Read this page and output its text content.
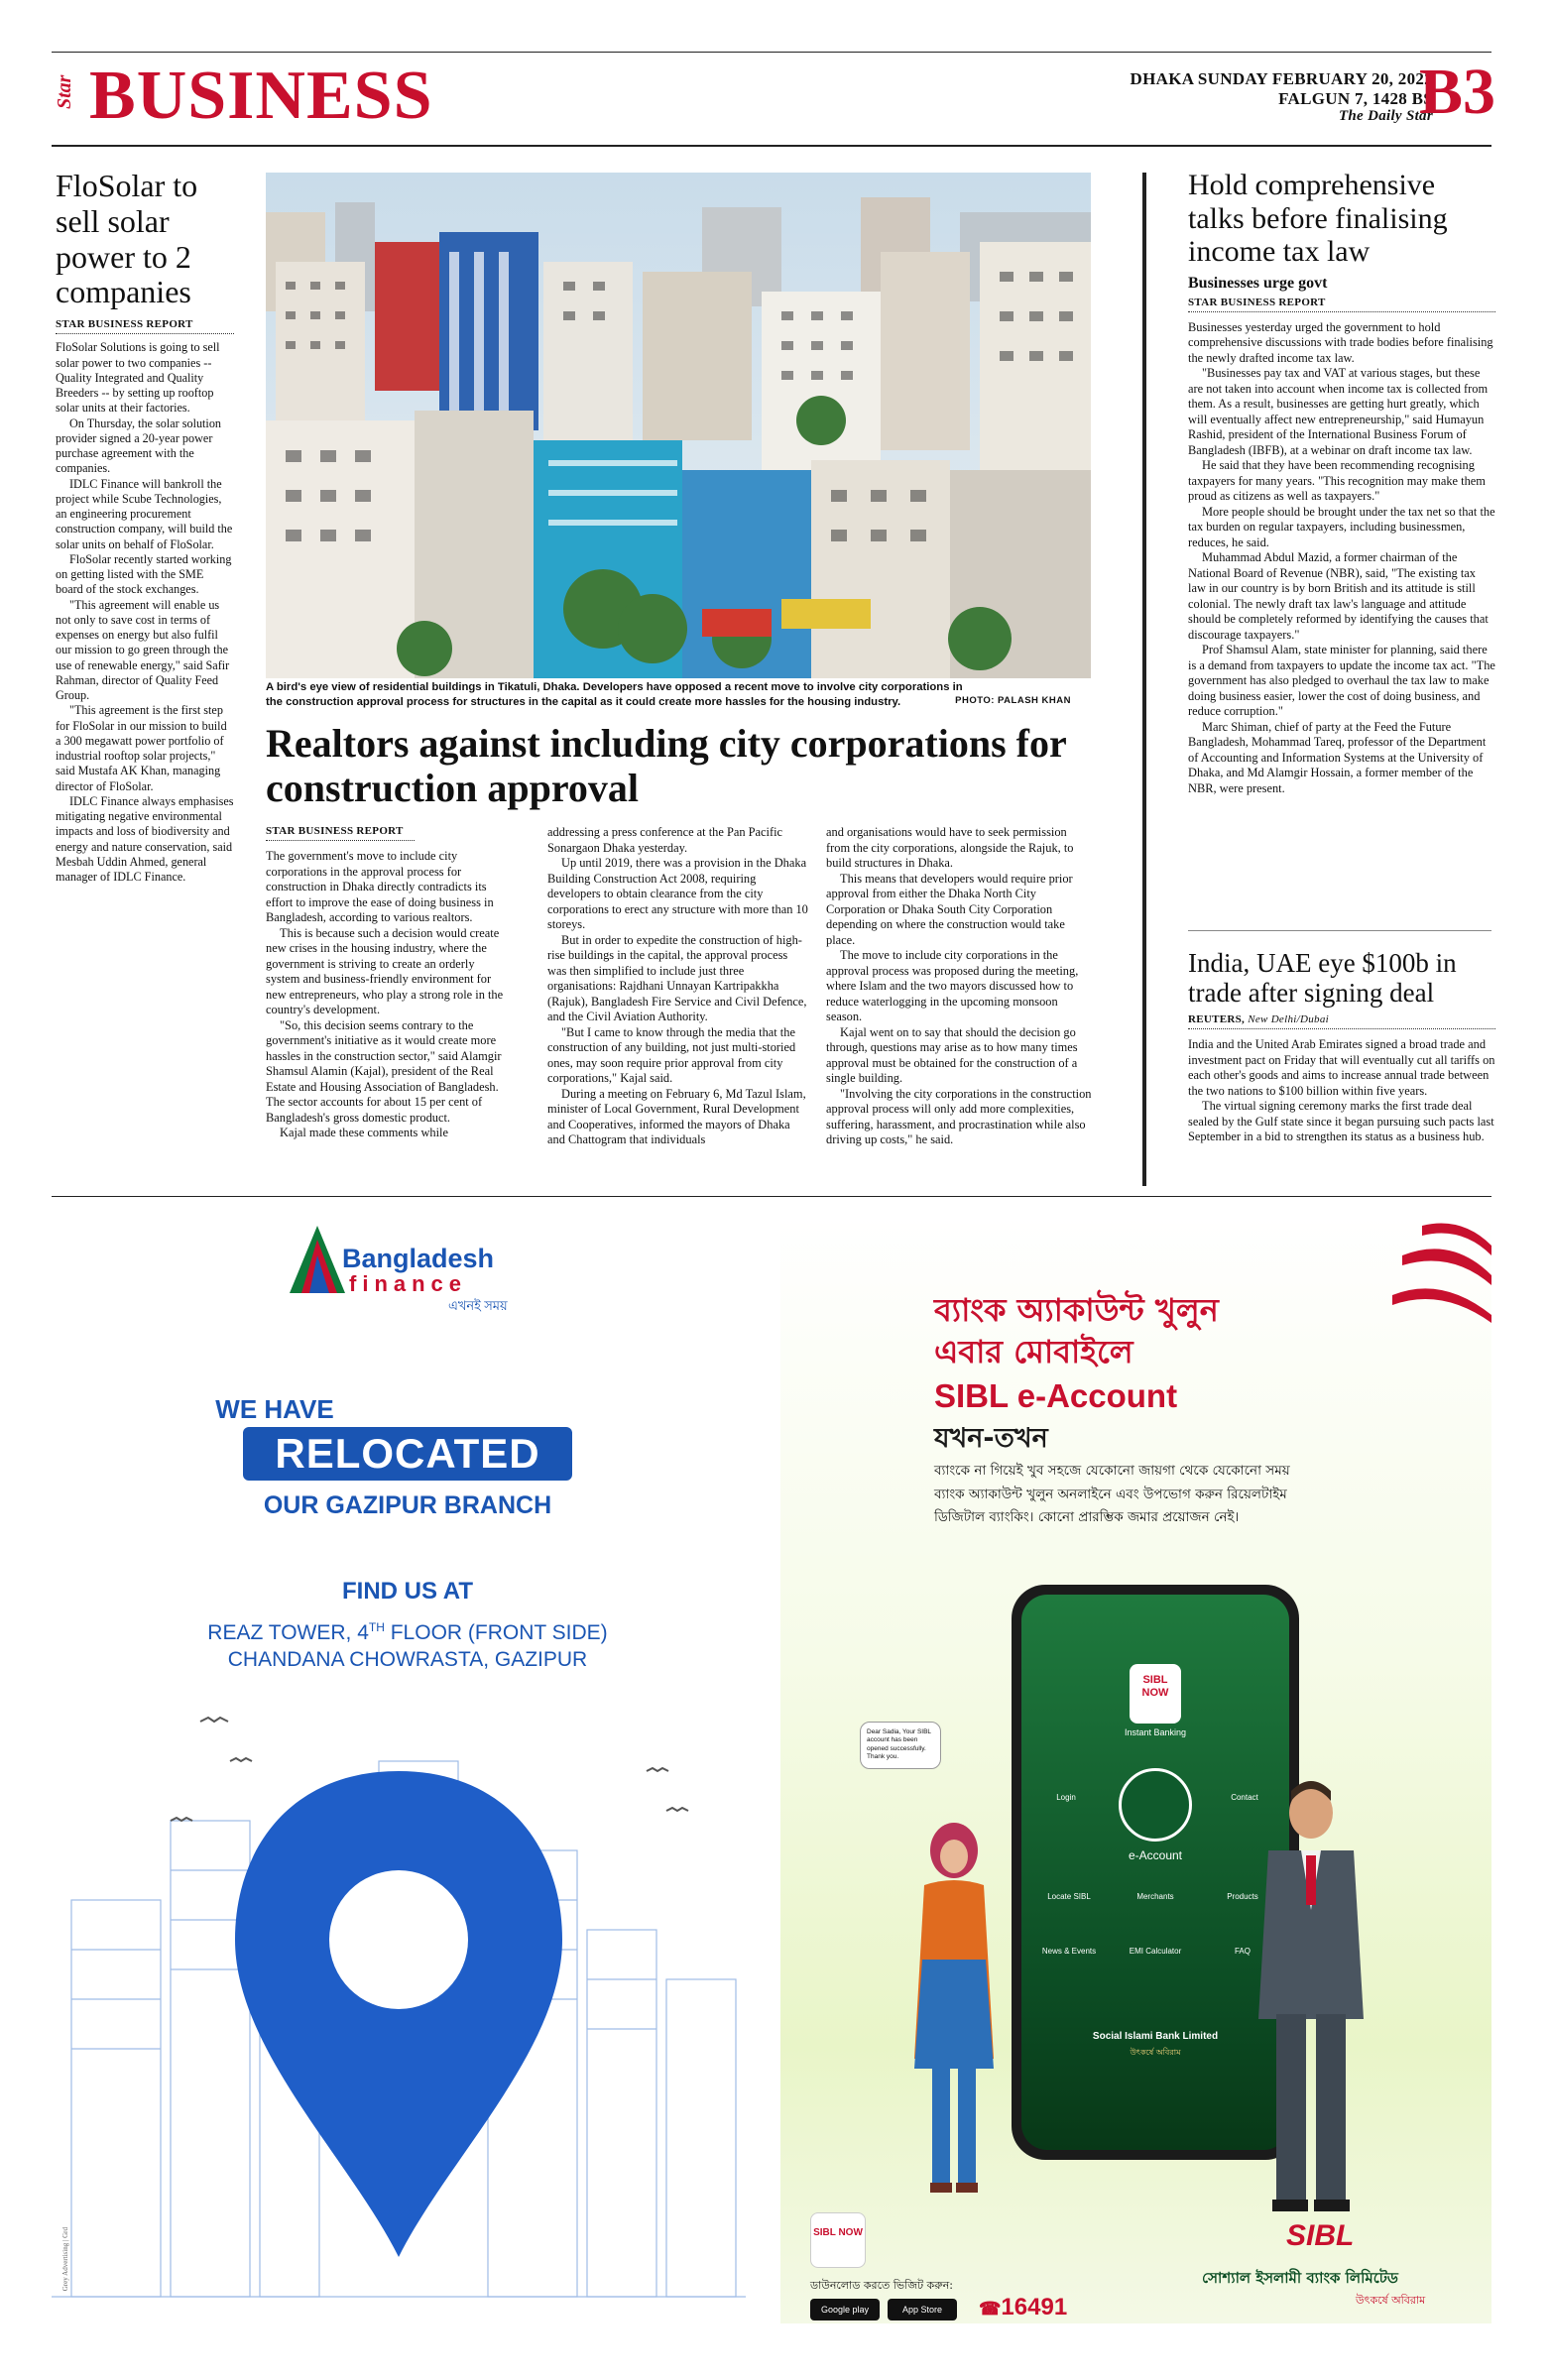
Star BUSINESS	DHAKA SUNDAY FEBRUARY 20, 2022
FALGUN 7, 1428 BS
The Daily Star
B3
FloSolar to sell solar power to 2 companies
STAR BUSINESS REPORT

FloSolar Solutions is going to sell solar power to two companies -- Quality Integrated and Quality Breeders -- by setting up rooftop solar units at their factories.

On Thursday, the solar solution provider signed a 20-year power purchase agreement with the companies.

IDLC Finance will bankroll the project while Scube Technologies, an engineering procurement construction company, will build the solar units on behalf of FloSolar.

FloSolar recently started working on getting listed with the SME board of the stock exchanges.

"This agreement will enable us not only to save cost in terms of expenses on energy but also fulfil our mission to go green through the use of renewable energy," said Safir Rahman, director of Quality Feed Group.

"This agreement is the first step for FloSolar in our mission to build a 300 megawatt power portfolio of industrial rooftop solar projects," said Mustafa AK Khan, managing director of FloSolar.

IDLC Finance always emphasises mitigating negative environmental impacts and loss of biodiversity and energy and nature conservation, said Mesbah Uddin Ahmed, general manager of IDLC Finance.

A bird's eye view of residential buildings in Tikatuli, Dhaka. Developers have opposed a recent move to involve city corporations in the construction approval process for structures in the capital as it could create more hassles for the housing industry.	PHOTO: PALASH KHAN
Realtors against including city corporations for construction approval
STAR BUSINESS REPORT

The government's move to include city corporations in the approval process for construction in Dhaka directly contradicts its effort to improve the ease of doing business in Bangladesh, according to various realtors.

This is because such a decision would create new crises in the housing industry, where the government is striving to create an orderly system and business-friendly environment for new entrepreneurs, who play a strong role in the country's development.

"So, this decision seems contrary to the government's initiative as it would create more hassles in the construction sector," said Alamgir Shamsul Alamin (Kajal), president of the Real Estate and Housing Association of Bangladesh. The sector accounts for about 15 per cent of Bangladesh's gross domestic product.

Kajal made these comments while

addressing a press conference at the Pan Pacific Sonargaon Dhaka yesterday.

Up until 2019, there was a provision in the Dhaka Building Construction Act 2008, requiring developers to obtain clearance from the city corporations to erect any structure with more than 10 storeys.

But in order to expedite the construction of high-rise buildings in the capital, the approval process was then simplified to include just three organisations: Rajdhani Unnayan Kartripakkha (Rajuk), Bangladesh Fire Service and Civil Defence, and the Civil Aviation Authority.

"But I came to know through the media that the construction of any building, not just multi-storied ones, may soon require prior approval from city corporations," Kajal said.

During a meeting on February 6, Md Tazul Islam, minister of Local Government, Rural Development and Cooperatives, informed the mayors of Dhaka and Chattogram that individuals

and organisations would have to seek permission from the city corporations, alongside the Rajuk, to build structures in Dhaka.

This means that developers would require prior approval from either the Dhaka North City Corporation or Dhaka South City Corporation depending on where the construction would take place.

The move to include city corporations in the approval process was proposed during the meeting, where Islam and the two mayors discussed how to reduce waterlogging in the upcoming monsoon season.

Kajal went on to say that should the decision go through, questions may arise as to how many times approval must be obtained for the construction of a single building.

"Involving the city corporations in the construction approval process will only add more complexities, suffering, harassment, and procrastination while also driving up costs," he said.

Hold comprehensive talks before finalising income tax law
Businesses urge govt
STAR BUSINESS REPORT

Businesses yesterday urged the government to hold comprehensive discussions with trade bodies before finalising the newly drafted income tax law.

"Businesses pay tax and VAT at various stages, but these are not taken into account when income tax is collected from them. As a result, businesses are getting hurt greatly, which will eventually affect new entrepreneurship," said Humayun Rashid, president of the International Business Forum of Bangladesh (IBFB), at a webinar on draft income tax law.

He said that they have been recommending recognising taxpayers for many years. "This recognition may make them proud as citizens as well as taxpayers."

More people should be brought under the tax net so that the tax burden on regular taxpayers, including businessmen, reduces, he said.

Muhammad Abdul Mazid, a former chairman of the National Board of Revenue (NBR), said, "The existing tax law in our country is by born British and its attitude is still colonial. The newly draft tax law's language and attitude should be completely reformed by identifying the causes that discourage taxpayers."

Prof Shamsul Alam, state minister for planning, said there is a demand from taxpayers to update the income tax act. "The government has also pledged to overhaul the tax law to make doing business easier, lower the cost of doing business, and reduce corruption."

Marc Shiman, chief of party at the Feed the Future Bangladesh, Mohammad Tareq, professor of the Department of Accounting and Information Systems at the University of Dhaka, and Md Alamgir Hossain, a former member of the NBR, were present.

India, UAE eye $100b in trade after signing deal
REUTERS, New Delhi/Dubai

India and the United Arab Emirates signed a broad trade and investment pact on Friday that will eventually cut all tariffs on each other's goods and aims to increase annual trade between the two nations to $100 billion within five years.

The virtual signing ceremony marks the first trade deal sealed by the Gulf state since it began pursuing such pacts last September in a bid to strengthen its status as a business hub.

Bangladesh
finance
এখনই সময়
WE HAVE
RELOCATED
OUR GAZIPUR BRANCH
FIND US AT
REAZ TOWER, 4TH FLOOR (FRONT SIDE)
CHANDANA CHOWRASTA, GAZIPUR
Grey Advertising | Grd
ব্যাংক অ্যাকাউন্ট খুলুন
এবার মোবাইলে
SIBL e-Account
যখন-তখন
ব্যাংকে না গিয়েই খুব সহজে যেকোনো জায়গা থেকে যেকোনো সময়
ব্যাংক অ্যাকাউন্ট খুলুন অনলাইনে এবং উপভোগ করুন রিয়েলটাইম
ডিজিটাল ব্যাংকিং। কোনো প্রারম্ভিক জমার প্রয়োজন নেই।
SIBL NOW
Instant Banking
Login
e-Account
Contact
Locate SIBL	Merchants	Products
News & Events	EMI Calculator	FAQ
Social Islami Bank Limited
উৎকর্ষে অবিরাম
Dear Sadia, Your SIBL account has been opened successfully. Thank you.
SIBL NOW
ডাউনলোড করতে ভিজিট করুন:
Google play	App Store	☎16491
SIBL
সোশ্যাল ইসলামী ব্যাংক লিমিটেড
উৎকর্ষে অবিরাম
